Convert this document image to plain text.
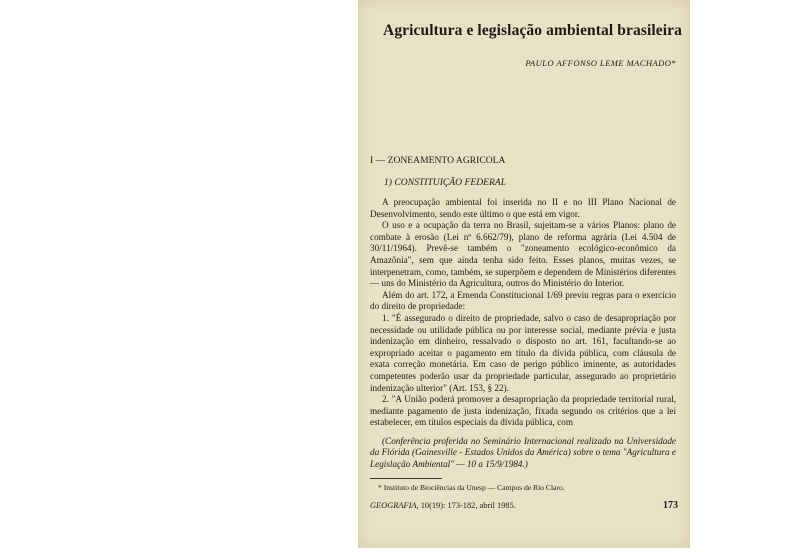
Agricultura e legislação ambiental brasileira
PAULO AFFONSO LEME MACHADO*
I — ZONEAMENTO AGRICOLA
1) CONSTITUIÇÃO FEDERAL

A preocupação ambiental foi inserida no II e no III Plano Nacional de Desenvolvimento, sendo este último o que está em vigor.

O uso e a ocupação da terra no Brasil, sujeitam-se a vários Planos: plano de combate à erosão (Lei nº 6.662/79), plano de reforma agrária (Lei 4.504 de 30/11/1964). Prevê-se também o "zoneamento ecológico-econômico da Amazônia", sem que ainda tenha sido feito. Esses planos, muitas vezes, se interpenetram, como, também, se superpõem e dependem de Ministérios diferentes — uns do Ministério da Agricultura, outros do Ministério do Interior.

Além do art. 172, a Emenda Constitucional 1/69 previu regras para o exercício do direito de propriedade:

1. "É assegurado o direito de propriedade, salvo o caso de desapropriação por necessidade ou utilidade pública ou por interesse social, mediante prévia e justa indenização em dinheiro, ressalvado o disposto no art. 161, facultando-se ao expropriado aceitar o pagamento em título da dívida pública, com cláusula de exata correção monetária. Em caso de perigo público iminente, as autoridades competentes poderão usar da propriedade particular, assegurado ao proprietário indenização ulterior" (Art. 153, § 22).

2. "A União poderá promover a desapropriação da propriedade territorial rural, mediante pagamento de justa indenização, fixada segundo os critérios que a lei estabelecer, em títulos especiais da dívida pública, com

(Conferência proferida no Seminário Internacional realizado na Universidade da Flórida (Gainesville - Estados Unidos da América) sobre o tema "Agricultura e Legislação Ambiental" — 10 a 15/9/1984.)

* Instituto de Biociências da Unesp — Campus de Rio Claro.
GEOGRAFIA, 10(19): 173-182, abril 1985.	173
